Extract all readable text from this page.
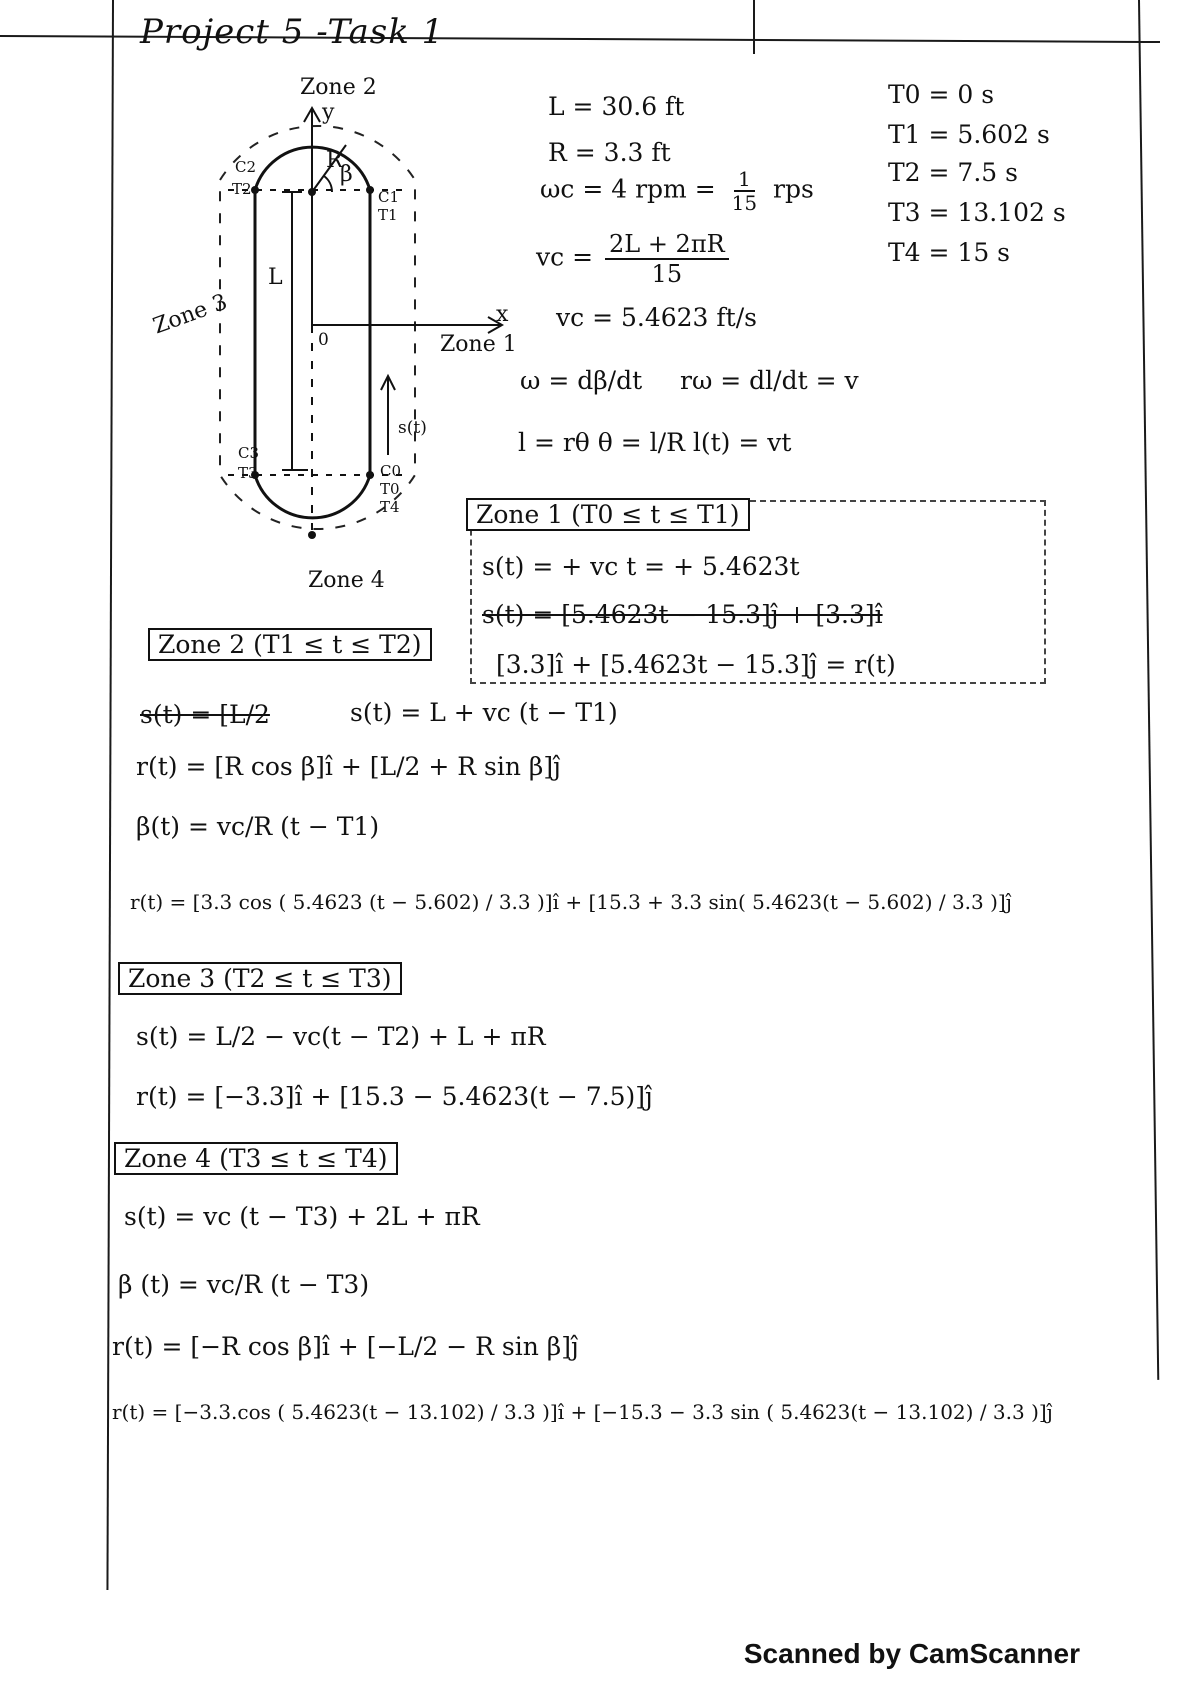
Project 5 -Task 1
Zone 2
y
R
β
C2
T2	C1
T1
L
Zone 3
0
x
Zone 1
s(t)
C3
T3	C0
T0
T4
Zone 4
L = 30.6 ft
R = 3.3 ft
ωc = 4 rpm = $\frac{1}{15}$ rps
vc = $\frac{2L + 2\pi R}{15}$
vc = 5.4623 ft/s
ω = dβ/dt rω = dl/dt = v
l = rθ θ = l/R l(t) = vt
T0 = 0 s
T1 = 5.602 s
T2 = 7.5 s
T3 = 13.102 s
T4 = 15 s
Zone 1 (T0 ≤ t ≤ T1)
s(t) = + vc t = + 5.4623t
s(t) = [5.4623t − 15.3]ĵ + [3.3]î
[3.3]î + [5.4623t − 15.3]ĵ = r(t)
Zone 2 (T1 ≤ t ≤ T2)
s(t) = [L/2	s(t) = L + vc (t − T1)
r(t) = [R cos β]î + [L/2 + R sin β]ĵ
β(t) = vc/R (t − T1)
r(t) = [3.3 cos ( 5.4623 (t − 5.602) / 3.3 )]î + [15.3 + 3.3 sin( 5.4623(t − 5.602) / 3.3 )]ĵ
Zone 3 (T2 ≤ t ≤ T3)
s(t) = L/2 − vc(t − T2) + L + πR
r(t) = [−3.3]î + [15.3 − 5.4623(t − 7.5)]ĵ
Zone 4 (T3 ≤ t ≤ T4)
s(t) = vc (t − T3) + 2L + πR
β (t) = vc/R (t − T3)
r(t) = [−R cos β]î + [−L/2 − R sin β]ĵ
r(t) = [−3.3.cos ( 5.4623(t − 13.102) / 3.3 )]î + [−15.3 − 3.3 sin ( 5.4623(t − 13.102) / 3.3 )]ĵ
Scanned by CamScanner
